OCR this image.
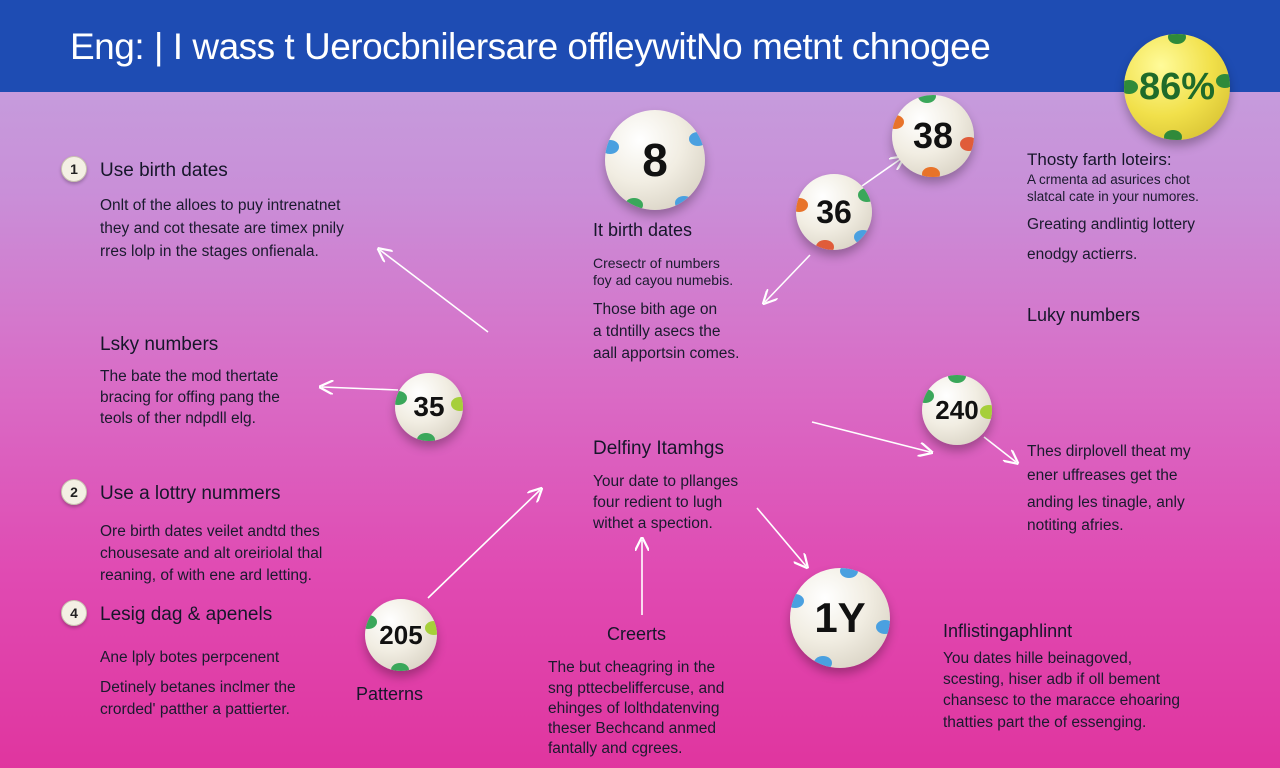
Eng: | I wass t Uerocbnilersare offleywitNo metnt chnogee
1	Use birth dates
Onlt of the alloes to puy intrenatnet
they and cot thesate are timex pnily
rres lolp in the stages onfienala.
Lsky numbers
The bate the mod thertate
bracing for offing pang the
teols of ther ndpdll elg.
2	Use a lottry nummers
Ore birth dates veilet andtd thes
chousesate and alt oreiriolal thal
reaning, of with ene ard letting.
4	Lesig dag & apenels
Ane lply botes perpcenent
Detinely betanes inclmer the
crorded' patther a pattierter.
It birth dates
Cresectr of numbers
foy ad cayou numebis.
Those bith age on
a tdntilly asecs the
aall apportsin comes.
Delfiny Itamhgs
Your date to pllanges
four redient to lugh
withet a spection.
Creerts
The but cheagring in the
sng pttecbeliffercuse, and
ehinges of lolthdatenving
theser Bechcand anmed
fantally and cgrees.
Patterns
Thosty farth loteirs:
A crmenta ad asurices chot
slatcal cate in your numores.
Greating andlintig lottery
enodgy actierrs.
Luky numbers
Thes dirplovell theat my
ener uffreases get the
anding les tinagle, anly
notiting afries.
Inflistingaphlinnt
You dates hille beinagoved,
scesting, hiser adb if oll bement
chansesc to the maracce ehoaring
thatties part the of essenging.
8	38
36
86%
35	240
205	1Y
